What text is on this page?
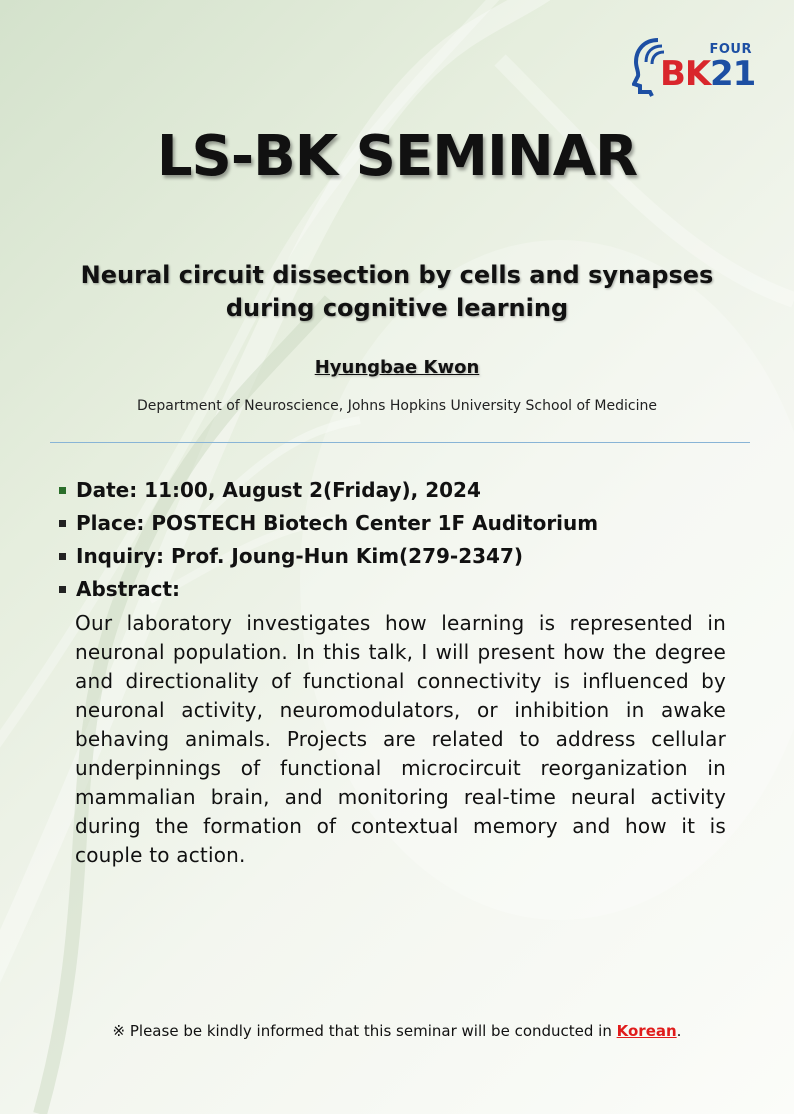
FOUR
BK 21
LS-BK SEMINAR
Neural circuit dissection by cells and synapses
during cognitive learning
Hyungbae Kwon
Department of Neuroscience, Johns Hopkins University School of Medicine
Date: 11:00, August 2(Friday), 2024
Place: POSTECH Biotech Center 1F Auditorium
Inquiry: Prof. Joung-Hun Kim(279-2347)
Abstract:
Our laboratory investigates how learning is represented in neuronal population. In this talk, I will present how the degree and directionality of functional connectivity is influenced by neuronal activity, neuromodulators, or inhibition in awake behaving animals. Projects are related to address cellular underpinnings of functional microcircuit reorganization in mammalian brain, and monitoring real-time neural activity during the formation of contextual memory and how it is couple to action.
※ Please be kindly informed that this seminar will be conducted in Korean.
